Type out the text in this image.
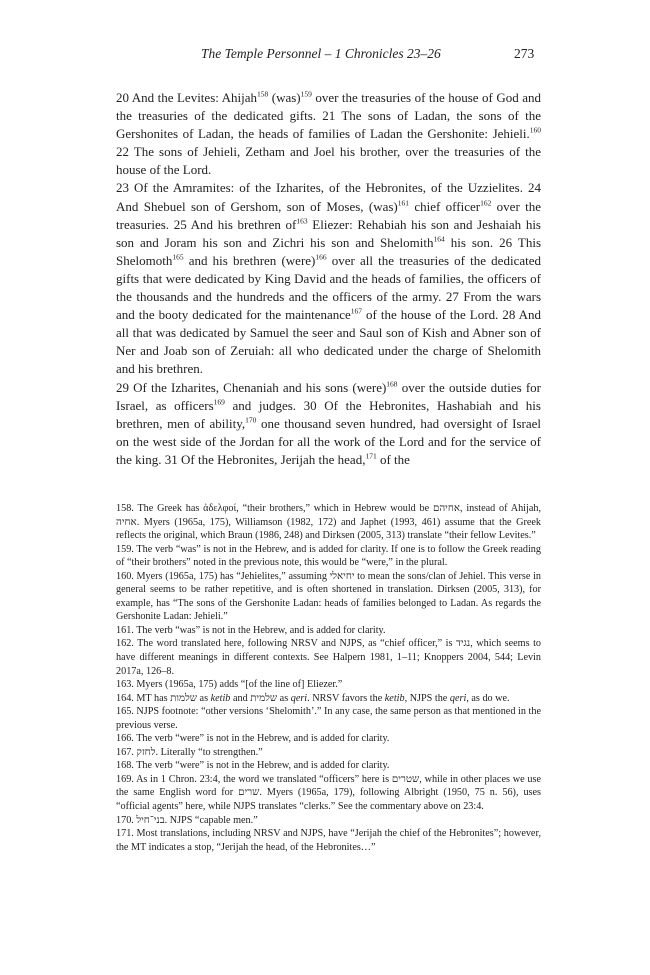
The Temple Personnel – 1 Chronicles 23–26	273

20 And the Levites: Ahijah$^{158}$ (was)$^{159}$ over the treasuries of the house of God and the treasuries of the dedicated gifts. 21 The sons of Ladan, the sons of the Gershonites of Ladan, the heads of families of Ladan the Gershonite: Jehieli.$^{160}$ 22 The sons of Jehieli, Zetham and Joel his brother, over the treasuries of the house of the Lord.

23 Of the Amramites: of the Izharites, of the Hebronites, of the Uzzielites. 24 And Shebuel son of Gershom, son of Moses, (was)$^{161}$ chief officer$^{162}$ over the treasuries. 25 And his brethren $of^{163}$ Eliezer: Rehabiah his son and Jeshaiah his son and Joram his son and Zichri his son and Shelomith$^{164}$ his son. 26 This Shelomoth$^{165}$ and his brethren (were)$^{166}$ over all the treasuries of the dedicated gifts that were dedicated by King David and the heads of families, the officers of the thousands and the hundreds and the officers of the army. 27 From the wars and the booty dedicated for the maintenance$^{167}$ of the house of the Lord. 28 And all that was dedicated by Samuel the seer and Saul son of Kish and Abner son of Ner and Joab son of Zeruiah: all who dedicated under the charge of Shelomith and his brethren.

29 Of the Izharites, Chenaniah and his sons (were)$^{168}$ over the outside duties for Israel, as officers$^{169}$ and judges. 30 Of the Hebronites, Hashabiah and his brethren, men of ability,$^{170}$ one thousand seven hundred, had oversight of Israel on the west side of the Jordan for all the work of the Lord and for the service of the king. 31 Of the Hebronites, Jerijah the head,$^{171}$ of the

158. The Greek has ἀδελφοί, “their brothers,” which in Hebrew would be אחיהם, instead of Ahijah, אחיה. Myers (1965a, 175), Williamson (1982, 172) and Japhet (1993, 461) assume that the Greek reflects the original, which Braun (1986, 248) and Dirksen (2005, 313) translate “their fellow Levites.”

159. The verb “was” is not in the Hebrew, and is added for clarity. If one is to follow the Greek reading of “their brothers” noted in the previous note, this would be “were,” in the plural.

160. Myers (1965a, 175) has “Jehielites,” assuming יחיאלי to mean the sons/clan of Jehiel. This verse in general seems to be rather repetitive, and is often shortened in translation. Dirksen (2005, 313), for example, has “The sons of the Gershonite Ladan: heads of families belonged to Ladan. As regards the Gershonite Ladan: Jehieli.”

161. The verb “was” is not in the Hebrew, and is added for clarity.

162. The word translated here, following NRSV and NJPS, as “chief officer,” is נגיד, which seems to have different meanings in different contexts. See Halpern 1981, 1–11; Knoppers 2004, 544; Levin 2017a, 126–8.

163. Myers (1965a, 175) adds “[of the line of] Eliezer.”

164. MT has שלמות as ketib and שלמית as qeri. NRSV favors the ketib, NJPS the qeri, as do we.

165. NJPS footnote: “other versions ‘Shelomith’.” In any case, the same person as that mentioned in the previous verse.

166. The verb “were” is not in the Hebrew, and is added for clarity.

167. לחזק. Literally “to strengthen.”

168. The verb “were” is not in the Hebrew, and is added for clarity.

169. As in 1 Chron. 23:4, the word we translated “officers” here is שטרים, while in other places we use the same English word for שרים. Myers (1965a, 179), following Albright (1950, 75 n. 56), uses “official agents” here, while NJPS translates “clerks.” See the commentary above on 23:4.

170. בני־חיל. NJPS “capable men.”

171. Most translations, including NRSV and NJPS, have “Jerijah the chief of the Hebronites”; however, the MT indicates a stop, “Jerijah the head, of the Hebronites…”
